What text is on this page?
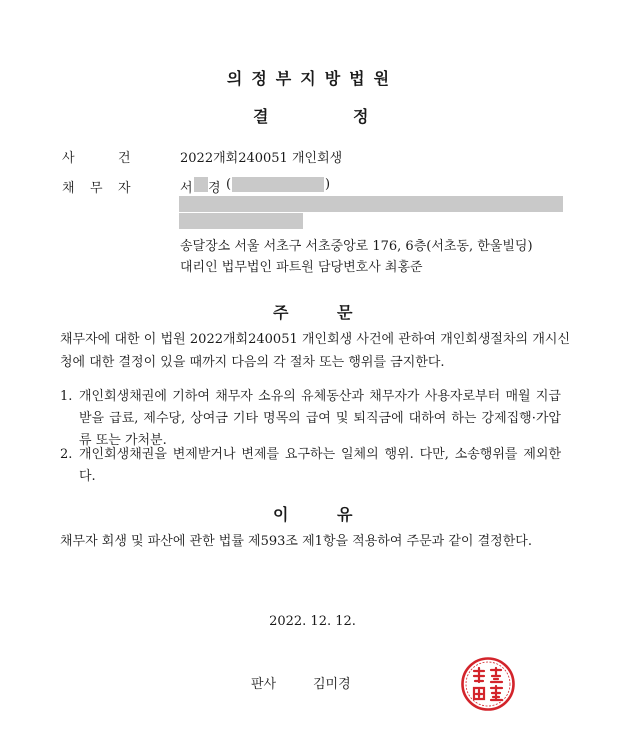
의정부지방법원
결	정
사	건	2022개회240051 개인회생
채 무 자	서 경 (	)
송달장소 서울 서초구 서초중앙로 176, 6층(서초동, 한울빌딩)
대리인 법무법인 파트원 담당변호사 최홍준
주	문
채무자에 대한 이 법원 2022개회240051 개인회생 사건에 관하여 개인회생절차의 개시신청에 대한 결정이 있을 때까지 다음의 각 절차 또는 행위를 금지한다.
1. 개인회생채권에 기하여 채무자 소유의 유체동산과 채무자가 사용자로부터 매월 지급받을 급료, 제수당, 상여금 기타 명목의 급여 및 퇴직금에 대하여 하는 강제집행·가압류 또는 가처분.
2. 개인회생채권을 변제받거나 변제를 요구하는 일체의 행위. 다만, 소송행위를 제외한다.
이	유
채무자 회생 및 파산에 관한 법률 제593조 제1항을 적용하여 주문과 같이 결정한다.
2022. 12. 12.
판사	김미경
